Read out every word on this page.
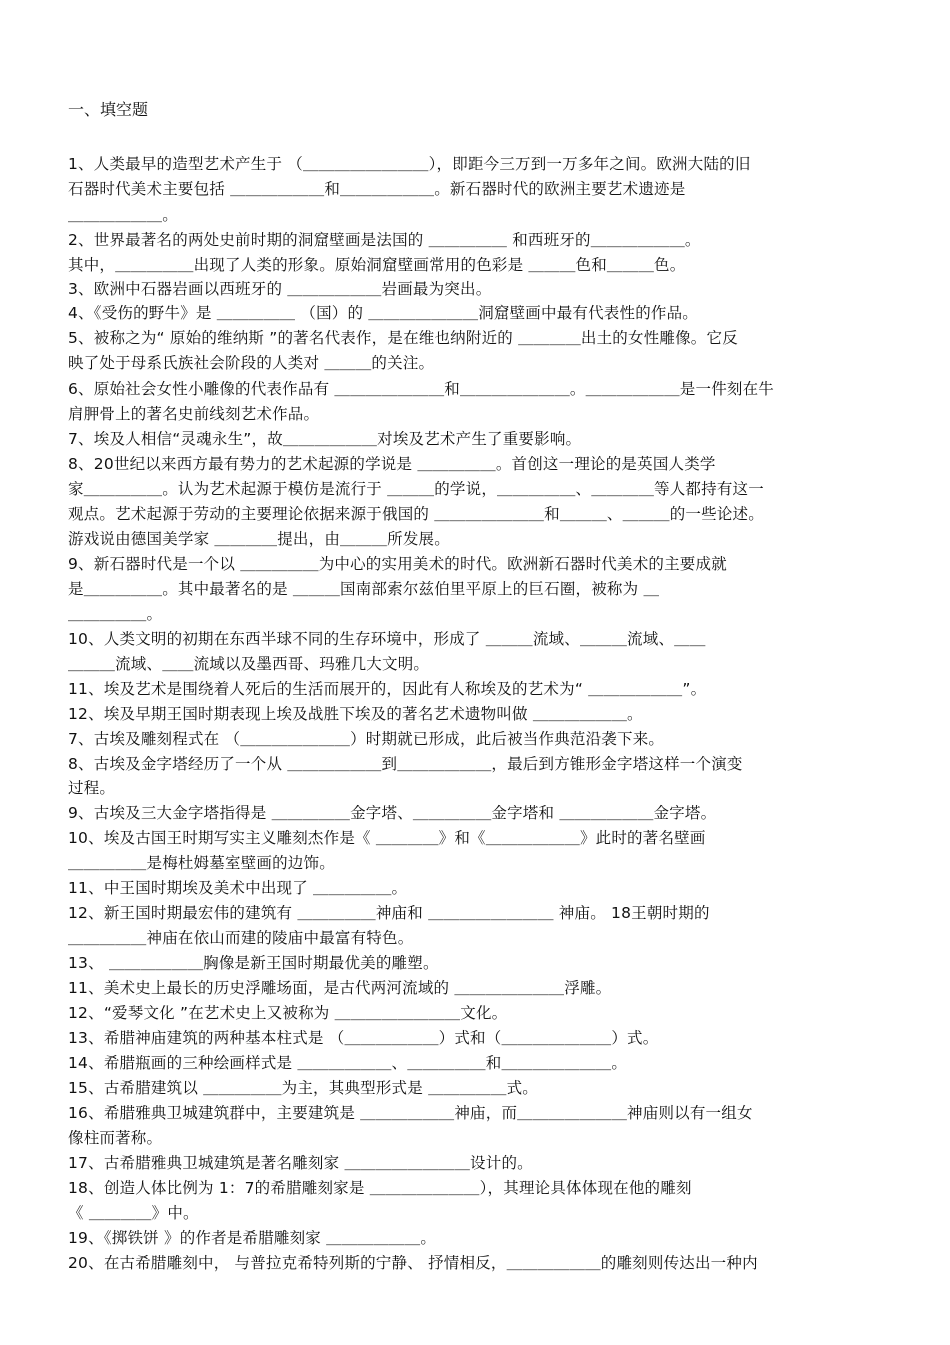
一、填空题
1、人类最早的造型艺术产生于 （＿＿＿＿＿＿＿＿），即距今三万到一万多年之间。欧洲大陆的旧
石器时代美术主要包括 ＿＿＿＿＿＿和＿＿＿＿＿＿。新石器时代的欧洲主要艺术遗迹是
＿＿＿＿＿＿。
2、世界最著名的两处史前时期的洞窟壁画是法国的 ＿＿＿＿＿ 和西班牙的＿＿＿＿＿＿。
其中，＿＿＿＿＿出现了人类的形象。原始洞窟壁画常用的色彩是 ＿＿＿色和＿＿＿色。
3、欧洲中石器岩画以西班牙的 ＿＿＿＿＿＿岩画最为突出。
4、《受伤的野牛》是 ＿＿＿＿＿ （国）的 ＿＿＿＿＿＿＿洞窟壁画中最有代表性的作品。
5、被称之为“ 原始的维纳斯 ”的著名代表作，是在维也纳附近的 ＿＿＿＿出土的女性雕像。它反
映了处于母系氏族社会阶段的人类对 ＿＿＿的关注。
6、原始社会女性小雕像的代表作品有 ＿＿＿＿＿＿＿和＿＿＿＿＿＿＿。＿＿＿＿＿＿是一件刻在牛
肩胛骨上的著名史前线刻艺术作品。
7、埃及人相信“灵魂永生”，故＿＿＿＿＿＿对埃及艺术产生了重要影响。
8、20世纪以来西方最有势力的艺术起源的学说是 ＿＿＿＿＿。首创这一理论的是英国人类学
家＿＿＿＿＿。认为艺术起源于模仿是流行于 ＿＿＿的学说，＿＿＿＿＿、＿＿＿＿等人都持有这一
观点。艺术起源于劳动的主要理论依据来源于俄国的 ＿＿＿＿＿＿＿和＿＿＿、＿＿＿的一些论述。
游戏说由德国美学家 ＿＿＿＿提出，由＿＿＿所发展。
9、新石器时代是一个以 ＿＿＿＿＿为中心的实用美术的时代。欧洲新石器时代美术的主要成就
是＿＿＿＿＿。其中最著名的是 ＿＿＿国南部索尔兹伯里平原上的巨石圈，被称为 ＿
＿＿＿＿＿。
10、人类文明的初期在东西半球不同的生存环境中，形成了 ＿＿＿流域、＿＿＿流域、＿＿
＿＿＿流域、＿＿流域以及墨西哥、玛雅几大文明。
11、埃及艺术是围绕着人死后的生活而展开的，因此有人称埃及的艺术为“ ＿＿＿＿＿＿”。
12、埃及早期王国时期表现上埃及战胜下埃及的著名艺术遗物叫做 ＿＿＿＿＿＿。
7、古埃及雕刻程式在 （＿＿＿＿＿＿＿）时期就已形成，此后被当作典范沿袭下来。
8、古埃及金字塔经历了一个从 ＿＿＿＿＿＿到＿＿＿＿＿＿，最后到方锥形金字塔这样一个演变
过程。
9、古埃及三大金字塔指得是 ＿＿＿＿＿金字塔、＿＿＿＿＿金字塔和 ＿＿＿＿＿＿金字塔。
10、埃及古国王时期写实主义雕刻杰作是《 ＿＿＿＿》和《＿＿＿＿＿＿》此时的著名壁画
＿＿＿＿＿是梅杜姆墓室壁画的边饰。
11、中王国时期埃及美术中出现了 ＿＿＿＿＿。
12、新王国时期最宏伟的建筑有 ＿＿＿＿＿神庙和 ＿＿＿＿＿＿＿＿ 神庙。 18王朝时期的
＿＿＿＿＿神庙在依山而建的陵庙中最富有特色。
13、 ＿＿＿＿＿＿胸像是新王国时期最优美的雕塑。
11、美术史上最长的历史浮雕场面，是古代两河流域的 ＿＿＿＿＿＿＿浮雕。
12、“爱琴文化 ”在艺术史上又被称为 ＿＿＿＿＿＿＿＿文化。
13、希腊神庙建筑的两种基本柱式是 （＿＿＿＿＿＿）式和（＿＿＿＿＿＿＿）式。
14、希腊瓶画的三种绘画样式是 ＿＿＿＿＿＿、＿＿＿＿＿和＿＿＿＿＿＿＿。
15、古希腊建筑以 ＿＿＿＿＿为主，其典型形式是 ＿＿＿＿＿式。
16、希腊雅典卫城建筑群中，主要建筑是 ＿＿＿＿＿＿神庙，而＿＿＿＿＿＿＿神庙则以有一组女
像柱而著称。
17、古希腊雅典卫城建筑是著名雕刻家 ＿＿＿＿＿＿＿＿设计的。
18、创造人体比例为 1：7的希腊雕刻家是 ＿＿＿＿＿＿＿），其理论具体体现在他的雕刻
《 ＿＿＿＿》中。
19、《掷铁饼 》的作者是希腊雕刻家 ＿＿＿＿＿＿。
20、在古希腊雕刻中， 与普拉克希特列斯的宁静、 抒情相反，＿＿＿＿＿＿的雕刻则传达出一种内
